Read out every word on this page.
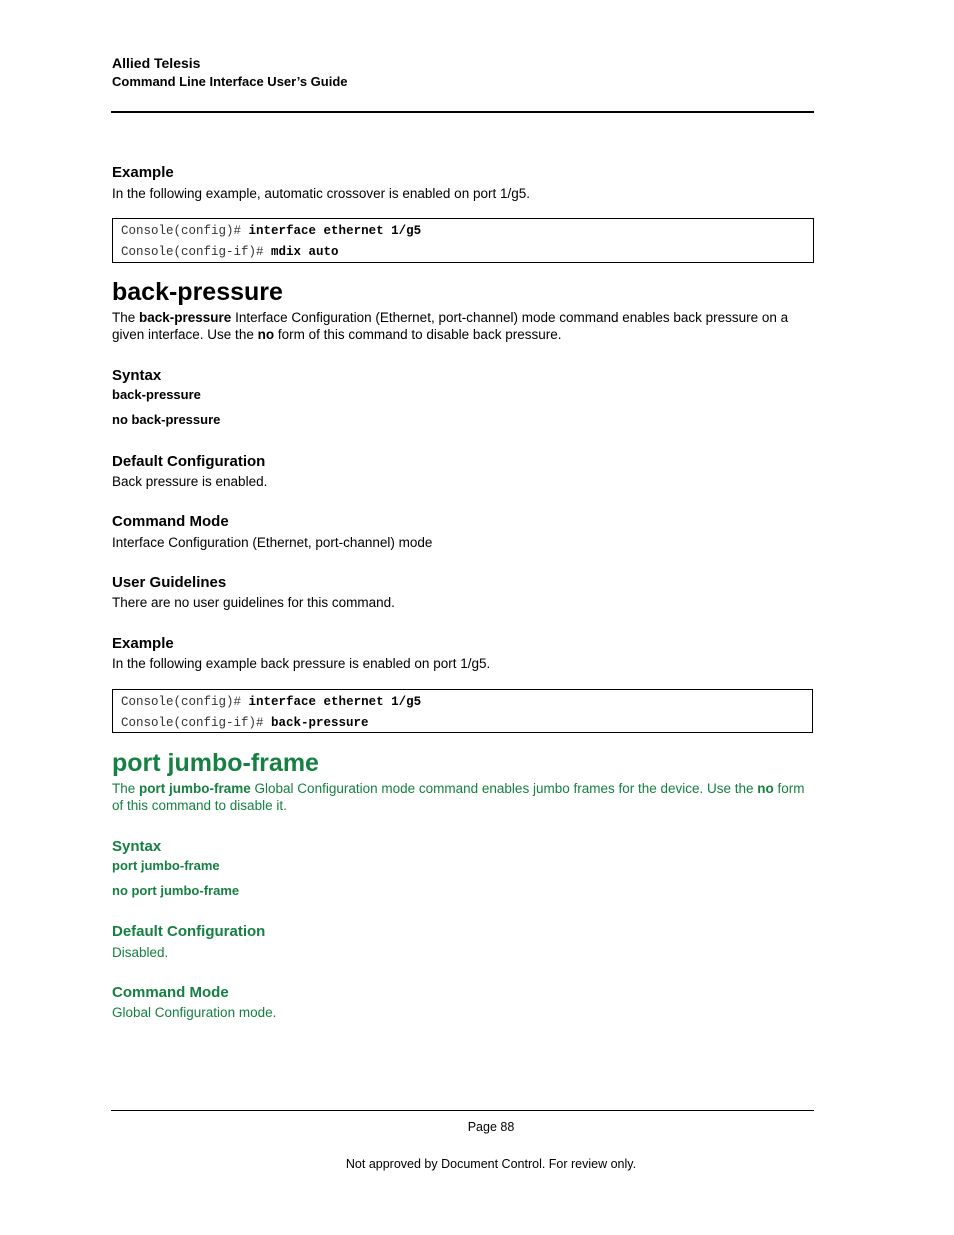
Allied Telesis
Command Line Interface User’s Guide
Example
In the following example, automatic crossover is enabled on port 1/g5.
Console(config)# interface ethernet 1/g5
Console(config-if)# mdix auto
back-pressure
The back-pressure Interface Configuration (Ethernet, port-channel) mode command enables back pressure on a given interface. Use the no form of this command to disable back pressure.
Syntax
back-pressure
no back-pressure
Default Configuration
Back pressure is enabled.
Command Mode
Interface Configuration (Ethernet, port-channel) mode
User Guidelines
There are no user guidelines for this command.
Example
In the following example back pressure is enabled on port 1/g5.
Console(config)# interface ethernet 1/g5
Console(config-if)# back-pressure
port jumbo-frame
The port jumbo-frame Global Configuration mode command enables jumbo frames for the device. Use the no form of this command to disable it.
Syntax
port jumbo-frame
no port jumbo-frame
Default Configuration
Disabled.
Command Mode
Global Configuration mode.
Page 88
Not approved by Document Control. For review only.
